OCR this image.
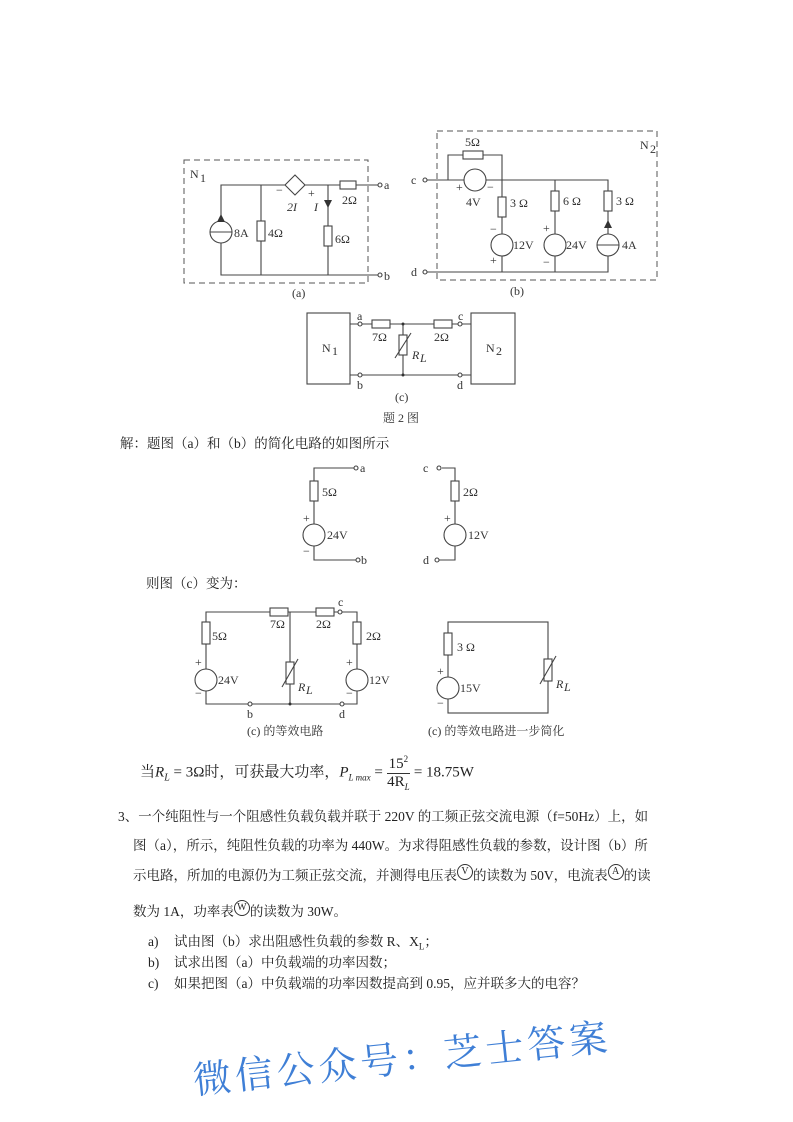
N 1
− +
2I I 2Ω
8A 4Ω	6Ω
a
b
(a)
N 2
5Ω
+ −
4V 3 Ω	6 Ω	3 Ω
−
+
+
−
12V	24V	4A
c
d
(b)
N 1	N 2
7Ω	2Ω
R L
a
b
c
d
(c)
题 2 图
5Ω
+
−
24V
a
b
2Ω
+
12V
c
d
5Ω
7Ω	2Ω
c
2Ω
+
−
24V
+
−
12V
R L
b	d
(c) 的等效电路
3 Ω
+
−
15V	R L
(c) 的等效电路进一步简化
解：题图（a）和（b）的简化电路的如图所示
则图（c）变为：
当$R_L = 3\Omega$时，可获最大功率，$P_{L max} = \frac{15^2}{4R_L} = 18.75W$
3、一个纯阻性与一个阻感性负载负载并联于 220V 的工频正弦交流电源（f=50Hz）上，如
图（a），所示，纯阻性负载的功率为 440W。为求得阻感性负载的参数，设计图（b）所
示电路，所加的电源仍为工频正弦交流，并测得电压表 V 的读数为 50V，电流表 A 的读
数为 1A，功率表 W 的读数为 30W。
a) 试由图（b）求出阻感性负载的参数 R、$X_L$；
b) 试求出图（a）中负载端的功率因数；
c) 如果把图（a）中负载端的功率因数提高到 0.95，应并联多大的电容？
微信公众号：芝士答案
